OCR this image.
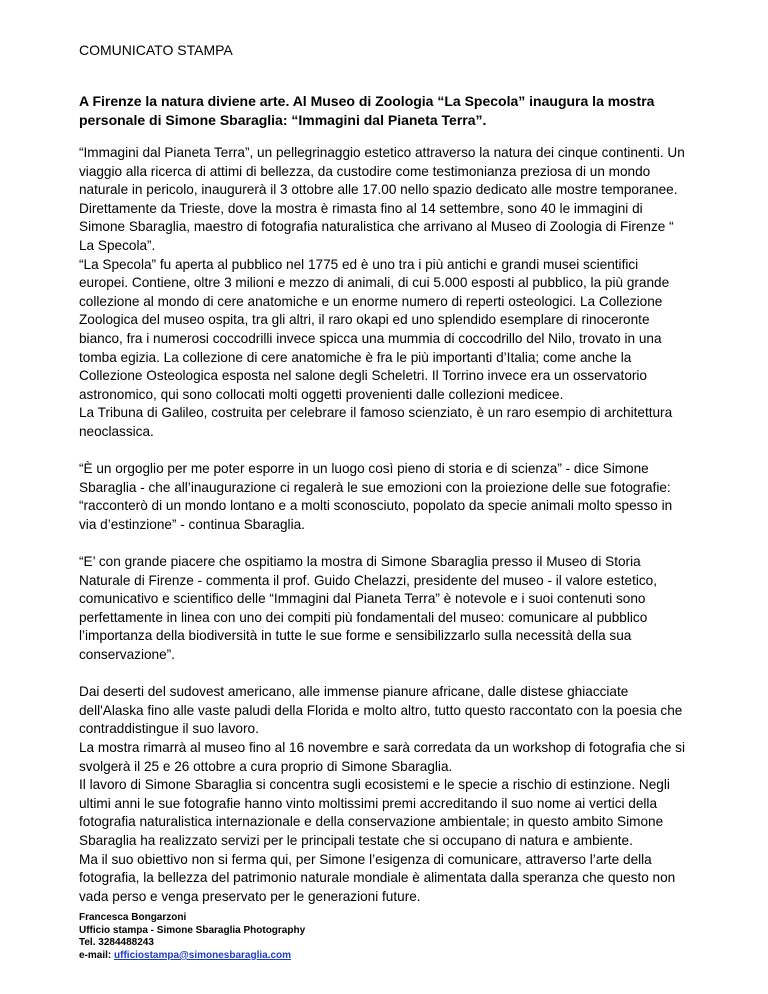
COMUNICATO STAMPA
A Firenze la natura diviene arte. Al Museo di Zoologia “La Specola” inaugura la mostra personale di Simone Sbaraglia: “Immagini dal Pianeta Terra”.
“Immagini dal Pianeta Terra”, un pellegrinaggio estetico attraverso la natura dei cinque continenti. Un viaggio alla ricerca di attimi di bellezza, da custodire come testimonianza preziosa di un mondo naturale in pericolo, inaugurerà il 3 ottobre alle 17.00 nello spazio dedicato alle mostre temporanee.
Direttamente da Trieste, dove la mostra è rimasta fino al 14 settembre, sono 40 le immagini di Simone Sbaraglia, maestro di fotografia naturalistica che arrivano al Museo di Zoologia di Firenze “ La Specola”.
“La Specola” fu aperta al pubblico nel 1775 ed è uno tra i più antichi e grandi musei scientifici europei. Contiene, oltre 3 milioni e mezzo di animali, di cui 5.000 esposti al pubblico, la più grande collezione al mondo di cere anatomiche e un enorme numero di reperti osteologici. La Collezione Zoologica del museo ospita, tra gli altri, il raro okapi ed uno splendido esemplare di rinoceronte bianco, fra i numerosi coccodrilli invece spicca una mummia di coccodrillo del Nilo, trovato in una tomba egizia. La collezione di cere anatomiche è fra le più importanti d’Italia; come anche la Collezione Osteologica esposta nel salone degli Scheletri. Il Torrino invece era un osservatorio astronomico, qui sono collocati molti oggetti provenienti dalle collezioni medicee.
La Tribuna di Galileo, costruita per celebrare il famoso scienziato, è un raro esempio di architettura neoclassica.
“È un orgoglio per me poter esporre in un luogo così pieno di storia e di scienza” - dice Simone Sbaraglia - che all’inaugurazione ci regalerà le sue emozioni con la proiezione delle sue fotografie: “racconterò di un mondo lontano e a molti sconosciuto, popolato da specie animali molto spesso in via d’estinzione” - continua Sbaraglia.
“E’ con grande piacere che ospitiamo la mostra di Simone Sbaraglia presso il Museo di Storia Naturale di Firenze - commenta il prof. Guido Chelazzi, presidente del museo - il valore estetico, comunicativo e scientifico delle “Immagini dal Pianeta Terra” è notevole e i suoi contenuti sono perfettamente in linea con uno dei compiti più fondamentali del museo: comunicare al pubblico l’importanza della biodiversità in tutte le sue forme e sensibilizzarlo sulla necessità della sua conservazione”.
Dai deserti del sudovest americano, alle immense pianure africane, dalle distese ghiacciate dell'Alaska fino alle vaste paludi della Florida e molto altro, tutto questo raccontato con la poesia che contraddistingue il suo lavoro.
La mostra rimarrà al museo fino al 16 novembre e sarà corredata da un workshop di fotografia che si svolgerà il 25 e 26 ottobre a cura proprio di Simone Sbaraglia.
Il lavoro di Simone Sbaraglia si concentra sugli ecosistemi e le specie a rischio di estinzione. Negli ultimi anni le sue fotografie hanno vinto moltissimi premi accreditando il suo nome ai vertici della fotografia naturalistica internazionale e della conservazione ambientale; in questo ambito Simone Sbaraglia ha realizzato servizi per le principali testate che si occupano di natura e ambiente.
Ma il suo obiettivo non si ferma qui, per Simone l’esigenza di comunicare, attraverso l’arte della fotografia, la bellezza del patrimonio naturale mondiale è alimentata dalla speranza che questo non vada perso e venga preservato per le generazioni future.
Francesca Bongarzoni
Ufficio stampa - Simone Sbaraglia Photography
Tel. 3284488243
e-mail: ufficiostampa@simonesbaraglia.com
